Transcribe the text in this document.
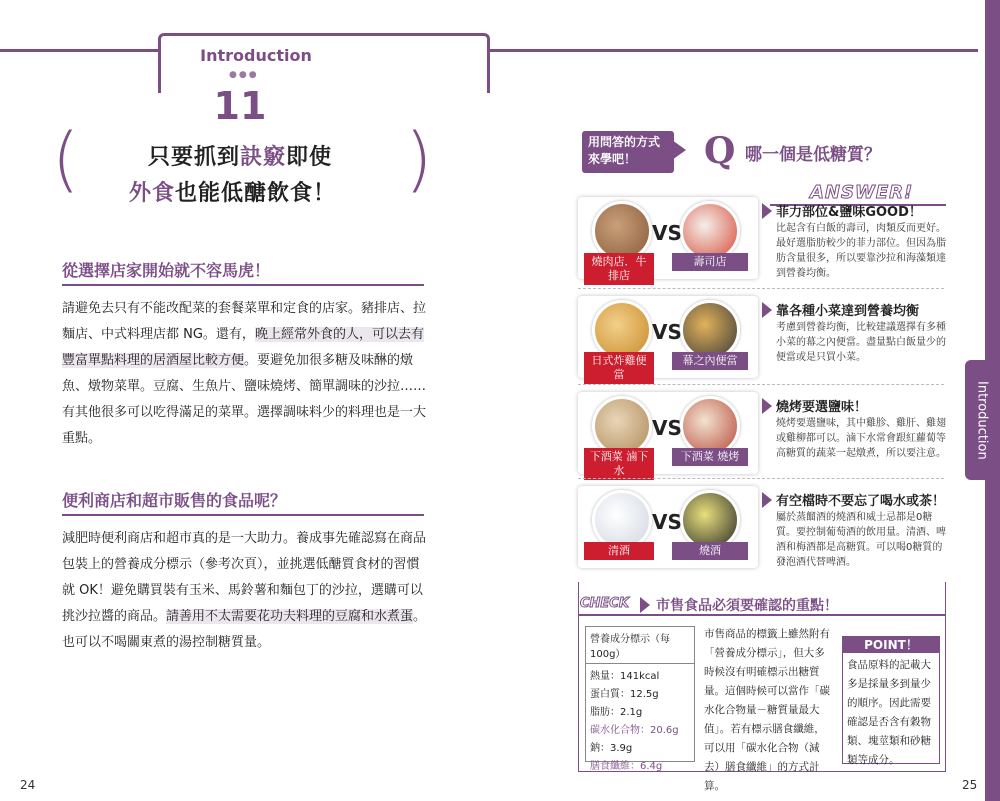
Introduction
●●●
11
(	)
只要抓到訣竅即使
外食也能低醣飲食！
從選擇店家開始就不容馬虎！
請避免去只有不能改配菜的套餐菜單和定食的店家。豬排店、拉麵店、中式料理店都 NG。還有，晚上經常外食的人，可以去有豐富單點料理的居酒屋比較方便。要避免加很多糖及味醂的燉魚、燉物菜單。豆腐、生魚片、鹽味燒烤、簡單調味的沙拉……有其他很多可以吃得滿足的菜單。選擇調味料少的料理也是一大重點。
便利商店和超市販售的食品呢？
減肥時便利商店和超市真的是一大助力。養成事先確認寫在商品包裝上的營養成分標示（參考次頁），並挑選低醣質食材的習慣就 OK！避免購買裝有玉米、馬鈴薯和麵包丁的沙拉，選購可以挑沙拉醬的商品。請善用不太需要花功夫料理的豆腐和水煮蛋。也可以不喝關東煮的湯控制糖質量。
24	25
Introduction
用問答的方式來學吧！	Q 哪一個是低糖質？
ANSWER!
VS
燒肉店．牛排店
壽司店
菲力部位&鹽味GOOD！
比起含有白飯的壽司，肉類反而更好。最好選脂肪較少的菲力部位。但因為脂肪含量很多，所以要靠沙拉和海藻類達到營養均衡。
VS
日式炸雞便當
幕之內便當
靠各種小菜達到營養均衡
考慮到營養均衡，比較建議選擇有多種小菜的幕之內便當。盡量點白飯量少的便當或是只買小菜。
VS
下酒菜 滷下水
下酒菜 燒烤
燒烤要選鹽味！
燒烤要選鹽味，其中雞胗、雞肝、雞翅或雞柳都可以。滷下水常會跟紅蘿蔔等高糖質的蔬菜一起燉煮，所以要注意。
VS
清酒	燒酒
有空檔時不要忘了喝水或茶！
屬於蒸餾酒的燒酒和威士忌都是0糖質。要控制葡萄酒的飲用量。清酒、啤酒和梅酒都是高糖質。可以喝0糖質的發泡酒代替啤酒。
CHECK 市售食品必須要確認的重點！
營養成分標示（每 100g）
熱量：141kcal
蛋白質：12.5g
脂肪：2.1g
碳水化合物：20.6g
鈉：3.9g
膳食纖維：6.4g
市售商品的標籤上雖然附有「營養成分標示」，但大多時候沒有明確標示出糖質量。這個時候可以當作「碳水化合物量－糖質量最大值」。若有標示膳食纖維，可以用「碳水化合物（減去）膳食纖維」的方式計算。
POINT！
食品原料的記載大多是採量多到量少的順序。因此需要確認是否含有穀物類、塊莖類和砂糖類等成分。
